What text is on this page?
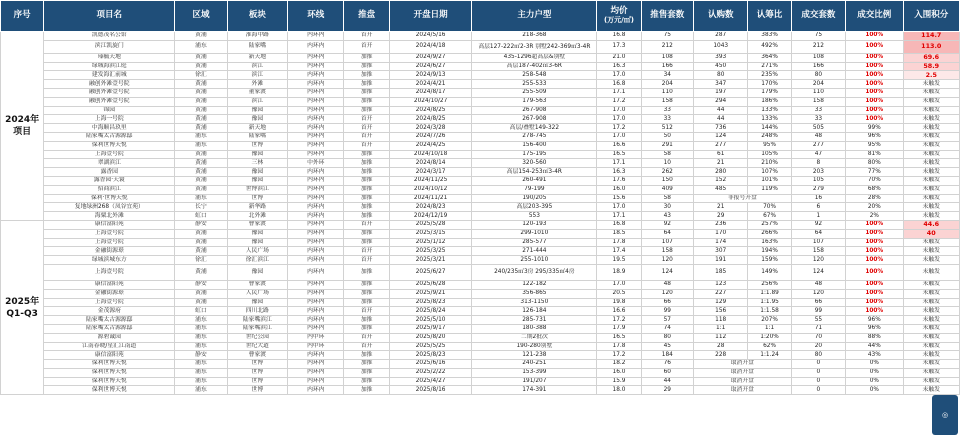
序号	项目名	区域	板块	环线	推盘	开盘日期	主力户型	均价
(万元/㎡)	推售套数	认购数	认筹比	成交套数	成交比例	入围积分
2024年项目	凯德茂名公馆	黄浦	淮海中路	内环内	首开	2024/5/16	218-368	16.8	75	287	383%	75	100%	114.7
	滨江凯旋门	浦东	陆家嘴	内环内	首开	2024/4/18	高层127-222㎡2-3R 别墅242-369㎡3-4R	17.3	212	1043	492%	212	100%	113.0
	瑧毓天地	黄浦	新天地	内环内	加推	2024/9/27	435-1296超高层&别墅	21.0	108	393	364%	108	100%	69.6
	绿城海滨江庭	黄浦	滨江	内环内	加推	2024/6/27	高层187-402㎡3-6R	16.3	166	450	271%	166	100%	58.9
	建发海汇前城	徐汇	滨江	内环内	加推	2024/9/13	258-548	17.0	34	80	235%	80	100%	2.5
	融创外滩壹号院	黄浦	外滩	内环内	加推	2024/4/21	255-533	16.8	204	347	170%	204	100%	未触发
	融创外滩壹号院	黄浦	董家渡	内环内	加推	2024/8/17	255-509	17.1	110	197	179%	110	100%	未触发
	融创外滩壹号院	黄浦	滨江	内环内	加推	2024/10/27	179-563	17.2	158	294	186%	158	100%	未触发
	锦园	黄浦	豫园	内环内	加推	2024/8/25	267-908	17.0	33	44	133%	33	100%	未触发
	上海一号院	黄浦	豫园	内环内	首开	2024/8/25	267-908	17.0	33	44	133%	33	100%	未触发
	中海顺昌玖里	黄浦	新天地	内环内	首开	2024/3/28	高层/叠墅149-322	17.2	512	736	144%	505	99%	未触发
	陆家嘴太古源源邸	浦东	陆家嘴	内环内	首开	2024/7/26	278-745	17.0	50	124	248%	48	96%	未触发
	保利世博天悦	浦东	世博	内环内	首开	2024/4/25	156-400	16.6	291	277	95%	277	95%	未触发
	上海壹号院	黄浦	豫园	内环内	加推	2024/10/18	175-195	16.5	58	61	105%	47	81%	未触发
	翠湖滨江	黄浦	三林	中外环	加推	2024/8/14	320-560	17.1	10	21	210%	8	80%	未触发
	露香园	黄浦	豫园	内环内	加推	2024/3/17	高层154-253㎡3-4R	16.3	262	280	107%	203	77%	未触发
	露香园·天寰	黄浦	豫园	内环内	加推	2024/11/25	260-491	17.6	150	152	101%	105	70%	未触发
	招商滨江	黄浦	世博滨江	内环内	加推	2024/10/12	79-199	16.0	409	485	119%	279	68%	未触发
	保利·世博天悦	浦东	世博	内环内	加推	2024/11/21	190/205	15.6	58	非报号开盘		16	28%	未触发
	复地绿洲268（凤谷宜苑）	长宁	新华路	内环内	加推	2024/8/23	高层203-395	17.0	30	21	70%	6	20%	未触发
	海粟北外滩	虹口	北外滩	内环内	加推	2024/12/19	553	17.1	43	29	67%	1	2%	未触发
2025年Q1-Q3	康信富阳苑	静安	曹家渡	内环内	首开	2025/5/28	120-193	16.8	92	236	257%	92	100%	44.6
	上海壹号院	黄浦	豫园	内环内	加推	2025/3/15	299-1010	18.5	64	170	266%	64	100%	40
	上海壹号院	黄浦	豫园	内环内	加推	2025/1/12	285-577	17.8	107	174	163%	107	100%	未触发
	金融街源璟	黄浦	人民广场	内环内	首开	2025/3/25	271-444	17.4	158	307	194%	158	100%	未触发
	绿城滨城东方	徐汇	徐汇滨江	内环内	首开	2025/3/21	255-1010	19.5	120	191	159%	120	100%	未触发
	上海壹号院	黄浦	豫园	内环内	加推	2025/6/27	240/235㎡3房 295/335㎡4房	18.9	124	185	149%	124	100%	未触发
	康信富阳苑	静安	曹家渡	内环内	加推	2025/6/28	122-182	17.0	48	123	256%	48	100%	未触发
	金融街源璟	黄浦	人民广场	内环内	加推	2025/9/21	356-865	20.5	120	227	1:1.89	120	100%	未触发
	上海壹号院	黄浦	豫园	内环内	加推	2025/8/23	313-1150	19.8	66	129	1:1.95	66	100%	未触发
	金茂源府	虹口	四川北路	内环内	首开	2025/8/24	126-184	16.6	99	156	1:1.58	99	100%	未触发
	陆家嘴太古源源邸	浦东	陆家嘴滨江	内环内	加推	2025/5/10	285-731	17.2	57	118	207%	55	96%	未触发
	陆家嘴太古源源邸	浦东	陆家嘴滨江	内环内	加推	2025/9/17	180-388	17.9	74	1:1	1:1	71	96%	未触发
	源碧诚园	浦东	世纪公园	内中环	首开	2025/8/20	二期2批次	16.5	80	112	1:20%	70	88%	未触发
	江南春晓/星汇江南道	浦东	世纪大道	内中环	首开	2025/5/25	190-280别墅	17.8	45	28	62%	20	44%	未触发
	康信富阳苑	静安	曹家渡	内环内	加推	2025/8/23	121-238	17.2	184	228	1:1.24	80	43%	未触发
	保利世博天悦	浦东	世博	内环内	加推	2025/6/16	240-251	18.2	76	取消开盘		0	0%	未触发
	保利世博天悦	浦东	世博	内环内	加推	2025/2/22	153-399	16.0	60	取消开盘		0	0%	未触发
	保利世博天悦	浦东	世博	内环内	加推	2025/4/27	191/207	15.9	44	取消开盘		0	0%	未触发
	保利世博天悦	浦东	世博	内环内	加推	2025/8/16	174-391	18.0	29	取消开盘		0	0%	未触发
◎
